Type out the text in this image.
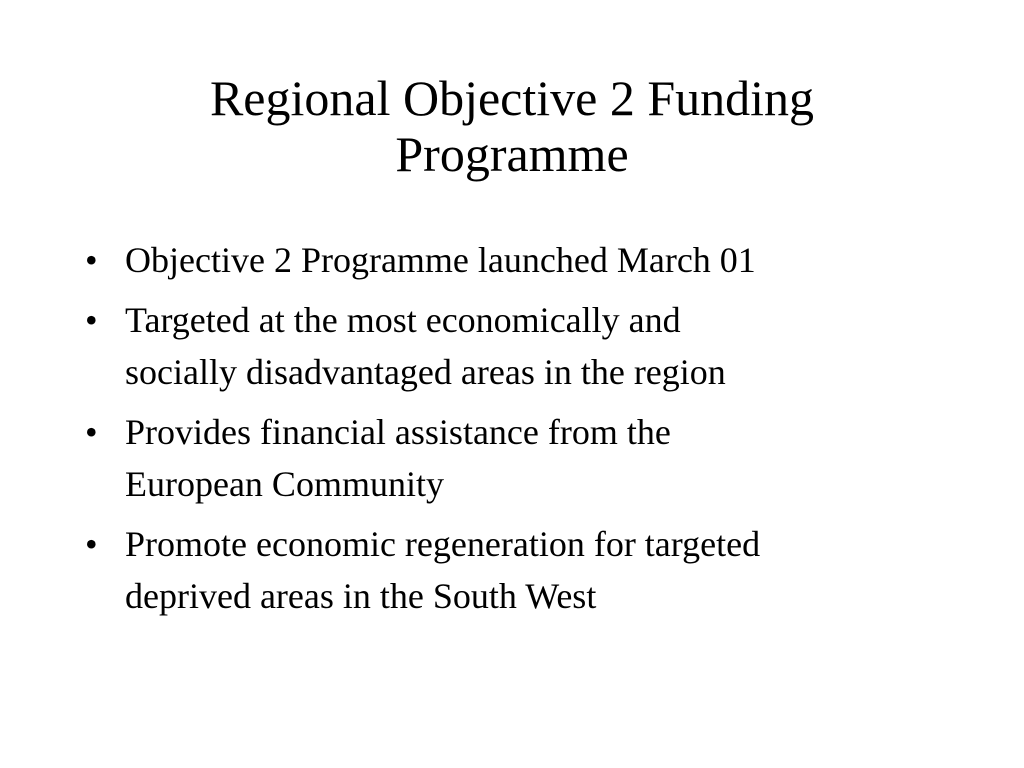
Regional Objective 2 Funding
Programme
• Objective 2 Programme launched March 01
• Targeted at the most economically and
socially disadvantaged areas in the region
• Provides financial assistance from the
European Community
• Promote economic regeneration for targeted
deprived areas in the South West
